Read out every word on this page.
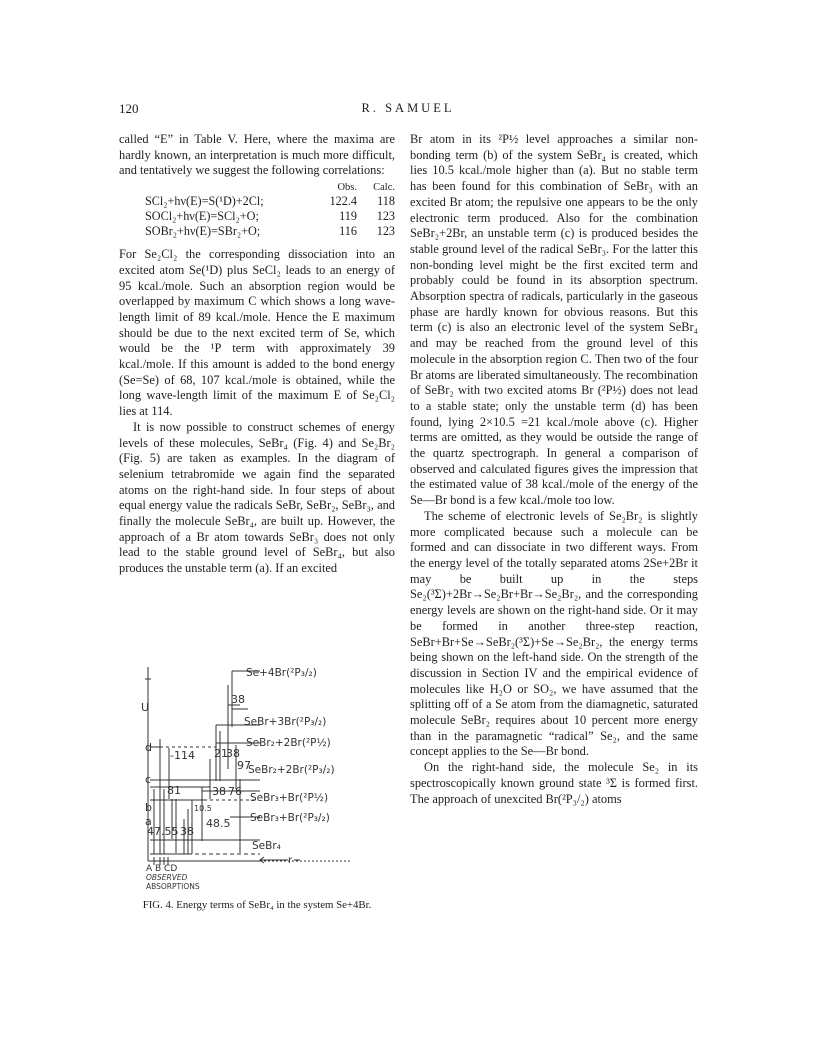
120	R. SAMUEL

called “E” in Table V. Here, where the maxima are hardly known, an interpretation is much more difficult, and tentatively we suggest the following correlations:

	Obs.	Calc.
SCl₂+hν(E)=S(¹D)+2Cl;	122.4	118
SOCl₂+hν(E)=SCl₂+O;	119	123
SOBr₂+hν(E)=SBr₂+O;	116	123

For Se₂Cl₂ the corresponding dissociation into an excited atom Se(¹D) plus SeCl₂ leads to an energy of 95 kcal./mole. Such an absorption region would be overlapped by maximum C which shows a long wave-length limit of 89 kcal./mole. Hence the E maximum should be due to the next excited term of Se, which would be the ¹P term with approximately 39 kcal./mole. If this amount is added to the bond energy (Se=Se) of 68, 107 kcal./mole is obtained, while the long wave-length limit of the maximum E of Se₂Cl₂ lies at 114.

It is now possible to construct schemes of energy levels of these molecules, SeBr₄ (Fig. 4) and Se₂Br₂ (Fig. 5) are taken as examples. In the diagram of selenium tetrabromide we again find the separated atoms on the right-hand side. In four steps of about equal energy value the radicals SeBr, SeBr₂, SeBr₃, and finally the molecule SeBr₄, are built up. However, the approach of a Br atom towards SeBr₃ does not only lead to the stable ground level of SeBr₄, but also produces the unstable term (a). If an excited

Se+4Br(²P₃/₂)
SeBr+3Br(²P₃/₂)
SeBr₂+2Br(²P½)
SeBr₂+2Br(²P₃/₂)
SeBr₃+Br(²P½)
SeBr₃+Br(²P₃/₂)
SeBr₄
38
21
38
97
38 76
-114
81
10.5
48.5
47.55 38
U
d
c
b
a
A B CD
OBSERVED
ABSORPTIONS
r
FIG. 4. Energy terms of SeBr₄ in the system Se+4Br.

Br atom in its ²P½ level approaches a similar non-bonding term (b) of the system SeBr₄ is created, which lies 10.5 kcal./mole higher than (a). But no stable term has been found for this combination of SeBr₃ with an excited Br atom; the repulsive one appears to be the only electronic term produced. Also for the combination SeBr₂+2Br, an unstable term (c) is produced besides the stable ground level of the radical SeBr₃. For the latter this non-bonding level might be the first excited term and probably could be found in its absorption spectrum. Absorption spectra of radicals, particularly in the gaseous phase are hardly known for obvious reasons. But this term (c) is also an electronic level of the system SeBr₄ and may be reached from the ground level of this molecule in the absorption region C. Then two of the four Br atoms are liberated simultaneously. The recombination of SeBr₂ with two excited atoms Br (²P½) does not lead to a stable state; only the unstable term (d) has been found, lying 2×10.5 =21 kcal./mole above (c). Higher terms are omitted, as they would be outside the range of the quartz spectrograph. In general a comparison of observed and calculated figures gives the impression that the estimated value of 38 kcal./mole of the energy of the Se—Br bond is a few kcal./mole too low.

The scheme of electronic levels of Se₂Br₂ is slightly more complicated because such a molecule can be formed and can dissociate in two different ways. From the energy level of the totally separated atoms 2Se+2Br it may be built up in the steps Se₂(³Σ)+2Br→Se₂Br+Br→Se₂Br₂, and the corresponding energy levels are shown on the right-hand side. Or it may be formed in another three-step reaction, SeBr+Br+Se→SeBr₂(³Σ)+Se→Se₂Br₂, the energy terms being shown on the left-hand side. On the strength of the discussion in Section IV and the empirical evidence of molecules like H₂O or SO₂, we have assumed that the splitting off of a Se atom from the diamagnetic, saturated molecule SeBr₂ requires about 10 percent more energy than in the paramagnetic “radical” Se₂, and the same concept applies to the Se—Br bond.

On the right-hand side, the molecule Se₂ in its spectroscopically known ground state ³Σ is formed first. The approach of unexcited Br(²P₃/₂) atoms
